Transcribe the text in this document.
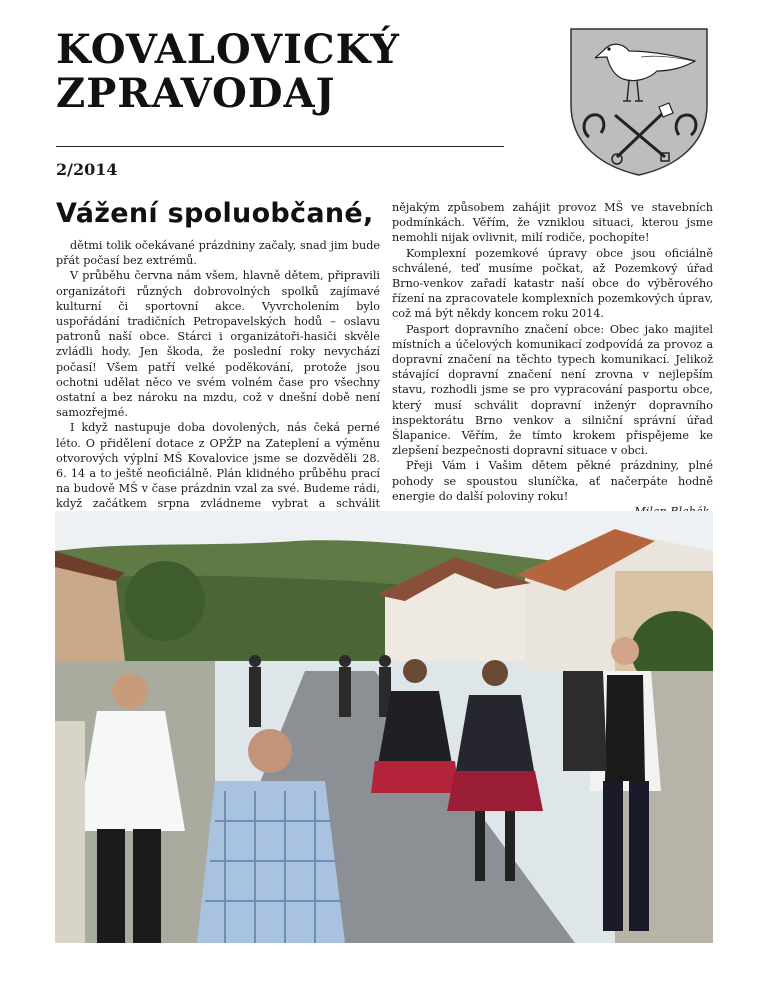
KOVALOVICKÝ
ZPRAVODAJ
2/2014
Vážení spoluobčané,

dětmi tolik očekávané prázdniny začaly, snad jim bude přát počasí bez extrémů.

V průběhu června nám všem, hlavně dětem, připravili organizátoři různých dobrovolných spolků zajímavé kulturní či sportovní akce. Vyvrcholením bylo uspořádání tradičních Petropavelských hodů – oslavu patronů naší obce. Stárci i organizátoři-hasiči skvěle zvládli hody. Jen škoda, že poslední roky nevychází počasí! Všem patří velké poděkování, protože jsou ochotni udělat něco ve svém volném čase pro všechny ostatní a bez nároku na mzdu, což v dnešní době není samozřejmé.

I když nastupuje doba dovolených, nás čeká perné léto. O přidělení dotace z OPŽP na Zateplení a výměnu otvorových výplní MŠ Kovalovice jsme se dozvěděli 28. 6. 14 a to ještě neoficiálně. Plán klidného průběhu prací na budově MŠ v čase prázdnin vzal za své. Budeme rádi, když začátkem srpna zvládneme vybrat a schválit

nějakým způsobem zahájit provoz MŠ ve stavebních podmínkách. Věřím, že vzniklou situaci, kterou jsme nemohli nijak ovlivnit, milí rodiče, pochopíte!

Komplexní pozemkové úpravy obce jsou oficiálně schválené, teď musíme počkat, až Pozemkový úřad Brno-venkov zařadí katastr naší obce do výběrového řízení na zpracovatele komplexních pozemkových úprav, což má být někdy koncem roku 2014.

Pasport dopravního značení obce: Obec jako majitel místních a účelových komunikací zodpovídá za provoz a dopravní značení na těchto typech komunikací. Jelikož stávající dopravní značení není zrovna v nejlepším stavu, rozhodli jsme se pro vypracování pasportu obce, který musí schválit dopravní inženýr dopravního inspektorátu Brno venkov a silniční správní úřad Šlapanice. Věřím, že tímto krokem přispějeme ke zlepšení bezpečnosti dopravní situace v obci.

Přeji Vám i Vašim dětem pěkné prázdniny, plné pohody se spoustou sluníčka, ať načerpáte hodně energie do další poloviny roku!
